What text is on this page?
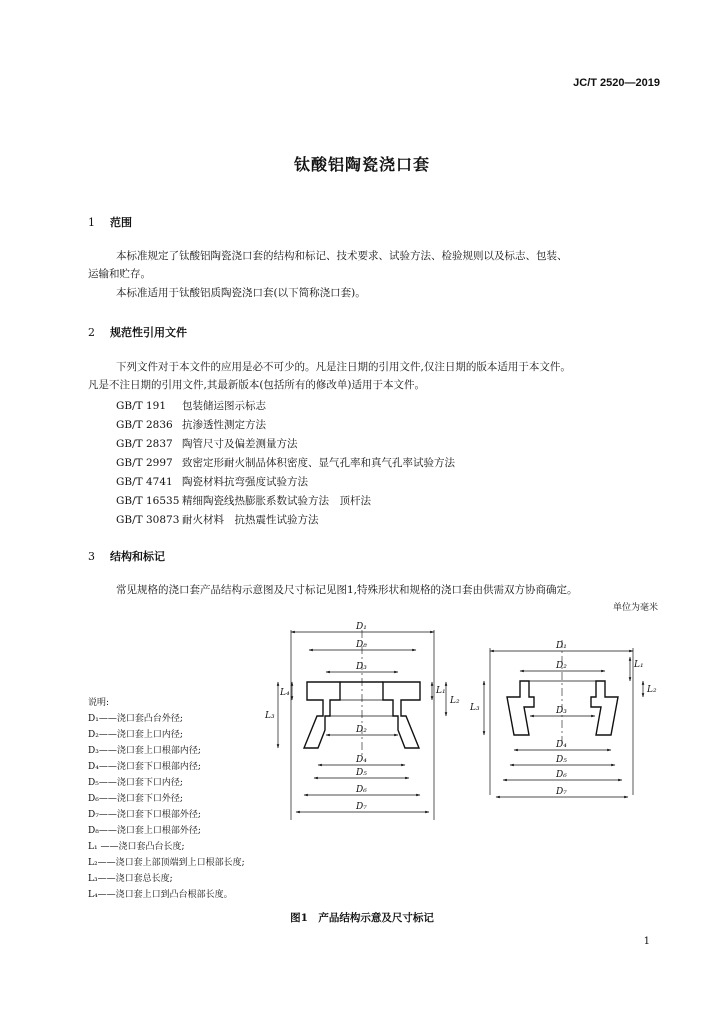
JC/T 2520—2019
钛酸铝陶瓷浇口套
1 范围
本标准规定了钛酸铝陶瓷浇口套的结构和标记、技术要求、试验方法、检验规则以及标志、包装、
运输和贮存。
本标准适用于钛酸铝质陶瓷浇口套(以下简称浇口套)。
2 规范性引用文件
下列文件对于本文件的应用是必不可少的。凡是注日期的引用文件,仅注日期的版本适用于本文件。
凡是不注日期的引用文件,其最新版本(包括所有的修改单)适用于本文件。
GB/T 191 包装储运图示标志
GB/T 2836 抗渗透性测定方法
GB/T 2837 陶管尺寸及偏差测量方法
GB/T 2997 致密定形耐火制品体积密度、显气孔率和真气孔率试验方法
GB/T 4741 陶瓷材料抗弯强度试验方法
GB/T 16535 精细陶瓷线热膨胀系数试验方法　顶杆法
GB/T 30873 耐火材料　抗热震性试验方法
3 结构和标记
常见规格的浇口套产品结构示意图及尺寸标记见图1,特殊形状和规格的浇口套由供需双方协商确定。
单位为毫米
D₁
D₈
D₃
D₂
D₄
D₅
D₆
D₇
L₁
L₂
L₃
L₄
D₁
D₂
D₃
D₄
D₅
D₆
D₇
L₁
L₂
L₃
说明:
D₁——浇口套凸台外径;
D₂——浇口套上口内径;
D₃——浇口套上口根部内径;
D₄——浇口套下口根部内径;
D₅——浇口套下口内径;
D₆——浇口套下口外径;
D₇——浇口套下口根部外径;
D₈——浇口套上口根部外径;
L₁ ——浇口套凸台长度;
L₂——浇口套上部顶端到上口根部长度;
L₃——浇口套总长度;
L₄——浇口套上口到凸台根部长度。
图1　产品结构示意及尺寸标记
1
